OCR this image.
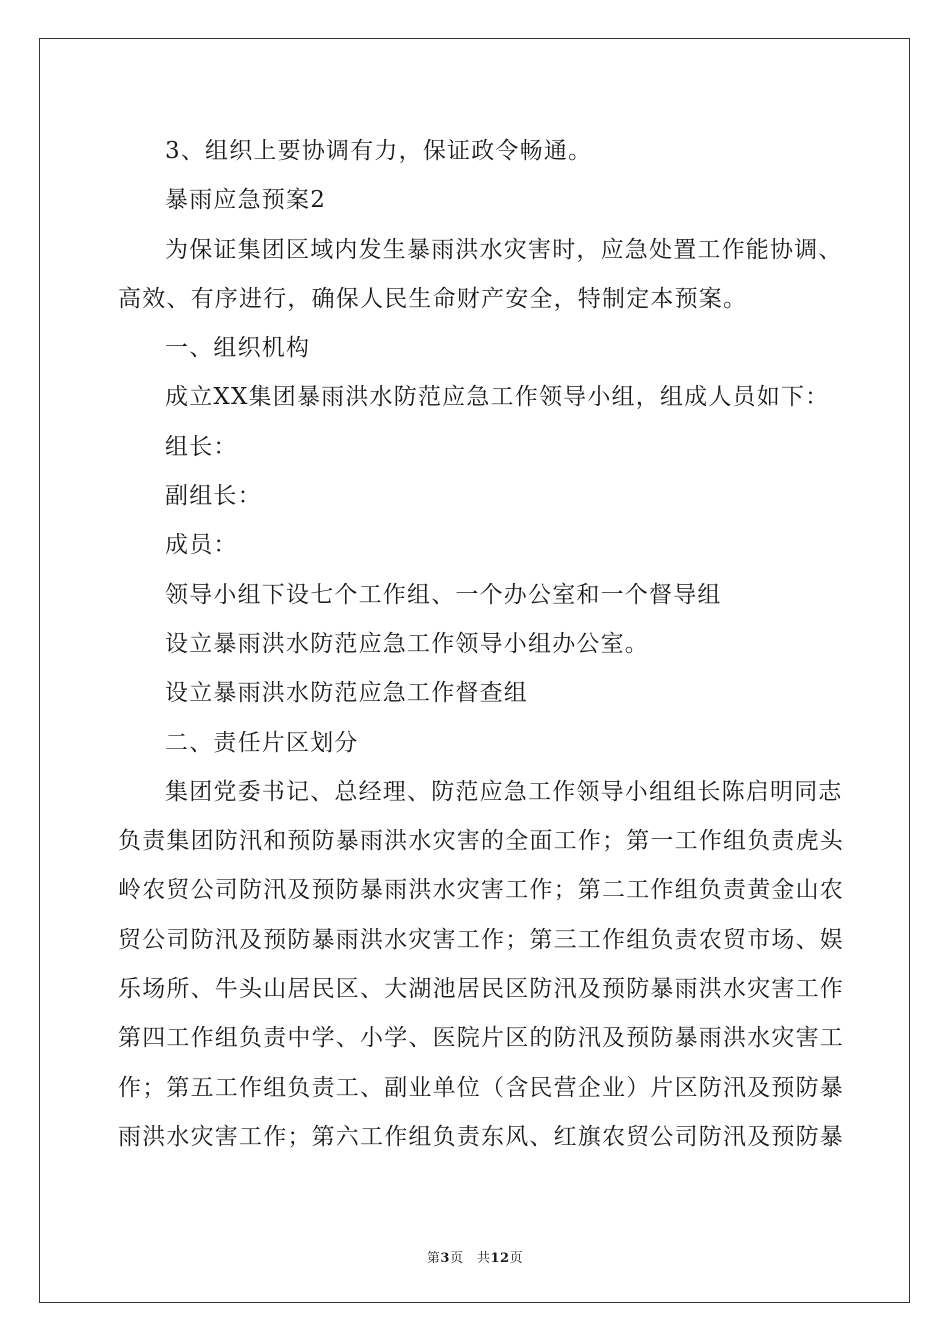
3、组织上要协调有力，保证政令畅通。
暴雨应急预案2
为保证集团区域内发生暴雨洪水灾害时，应急处置工作能协调、
高效、有序进行，确保人民生命财产安全，特制定本预案。
一、组织机构
成立XX集团暴雨洪水防范应急工作领导小组，组成人员如下：
组长：
副组长：
成员：
领导小组下设七个工作组、一个办公室和一个督导组
设立暴雨洪水防范应急工作领导小组办公室。
设立暴雨洪水防范应急工作督查组
二、责任片区划分
集团党委书记、总经理、防范应急工作领导小组组长陈启明同志
负责集团防汛和预防暴雨洪水灾害的全面工作；第一工作组负责虎头
岭农贸公司防汛及预防暴雨洪水灾害工作；第二工作组负责黄金山农
贸公司防汛及预防暴雨洪水灾害工作；第三工作组负责农贸市场、娱
乐场所、牛头山居民区、大湖池居民区防汛及预防暴雨洪水灾害工作
第四工作组负责中学、小学、医院片区的防汛及预防暴雨洪水灾害工
作；第五工作组负责工、副业单位（含民营企业）片区防汛及预防暴
雨洪水灾害工作；第六工作组负责东风、红旗农贸公司防汛及预防暴
第3页　共12页
